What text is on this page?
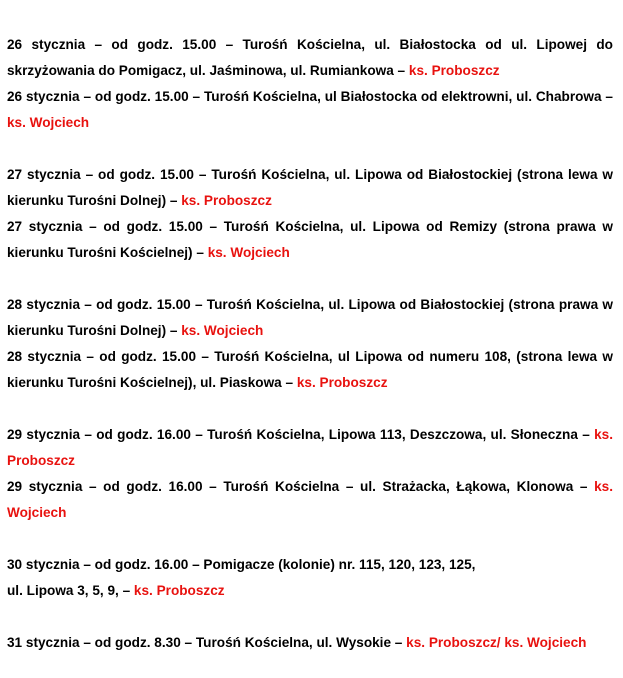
26 stycznia – od godz. 15.00 – Turośń Kościelna, ul. Białostocka od ul. Lipowej do skrzyżowania do Pomigacz, ul. Jaśminowa, ul. Rumiankowa – ks. Proboszcz

26 stycznia – od godz. 15.00 – Turośń Kościelna, ul Białostocka od elektrowni, ul. Chabrowa – ks. Wojciech

27 stycznia – od godz. 15.00 – Turośń Kościelna, ul. Lipowa od Białostockiej (strona lewa w kierunku Turośni Dolnej) – ks. Proboszcz

27 stycznia – od godz. 15.00 – Turośń Kościelna, ul. Lipowa od Remizy (strona prawa w kierunku Turośni Kościelnej) – ks. Wojciech

28 stycznia – od godz. 15.00 – Turośń Kościelna, ul. Lipowa od Białostockiej (strona prawa w kierunku Turośni Dolnej) – ks. Wojciech

28 stycznia – od godz. 15.00 – Turośń Kościelna, ul Lipowa od numeru 108, (strona lewa w kierunku Turośni Kościelnej), ul. Piaskowa – ks. Proboszcz

29 stycznia – od godz. 16.00 – Turośń Kościelna, Lipowa 113, Deszczowa, ul. Słoneczna – ks. Proboszcz

29 stycznia – od godz. 16.00 – Turośń Kościelna – ul. Strażacka, Łąkowa, Klonowa – ks. Wojciech

30 stycznia – od godz. 16.00 – Pomigacze (kolonie) nr. 115, 120, 123, 125,
ul. Lipowa 3, 5, 9, – ks. Proboszcz

31 stycznia – od godz. 8.30 – Turośń Kościelna, ul. Wysokie – ks. Proboszcz/ ks. Wojciech
